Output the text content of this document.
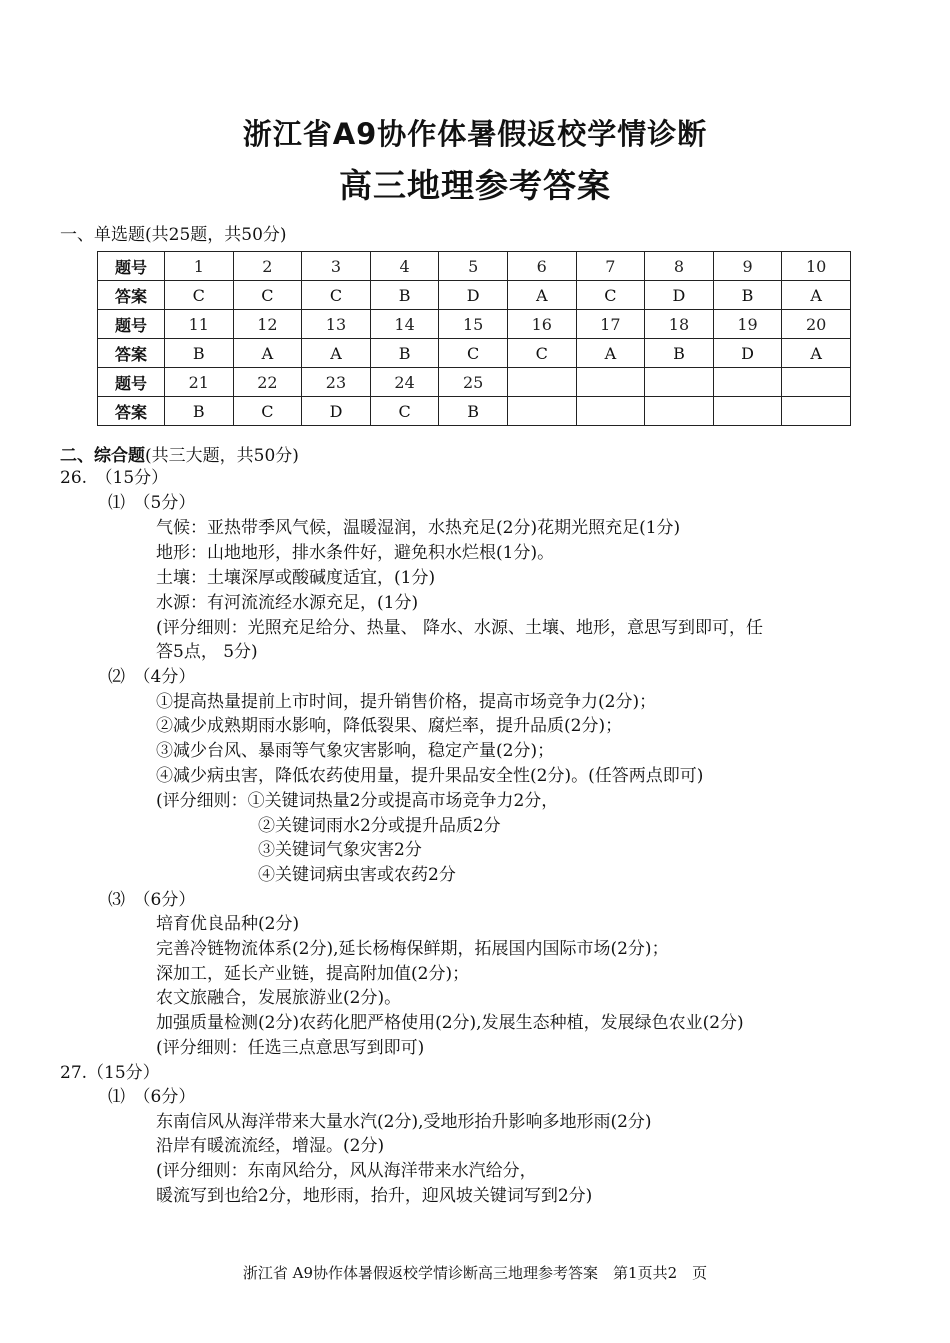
浙江省A9协作体暑假返校学情诊断
高三地理参考答案
一、单选题(共25题，共50分)
题号	1	2	3	4	5	6	7	8	9	10
答案	C	C	C	B	D	A	C	D	B	A
题号	11	12	13	14	15	16	17	18	19	20
答案	B	A	A	B	C	C	A	B	D	A
题号	21	22	23	24	25					
答案	B	C	D	C	B					
二、综合题(共三大题，共50分)
26.　（15分）
⑴　（5分）
气候：亚热带季风气候，温暖湿润，水热充足(2分)花期光照充足(1分)
地形：山地地形，排水条件好，避免积水烂根(1分)。
土壤：土壤深厚或酸碱度适宜，(1分)
水源：有河流流经水源充足，(1分)
(评分细则：光照充足给分、热量、 降水、水源、土壤、地形，意思写到即可，任
答5点， 5分)
⑵　（4分）
①提高热量提前上市时间，提升销售价格，提高市场竞争力(2分)；
②减少成熟期雨水影响，降低裂果、腐烂率，提升品质(2分)；
③减少台风、暴雨等气象灾害影响，稳定产量(2分)；
④减少病虫害，降低农药使用量，提升果品安全性(2分)。(任答两点即可)
(评分细则：①关键词热量2分或提高市场竞争力2分，
②关键词雨水2分或提升品质2分
③关键词气象灾害2分
④关键词病虫害或农药2分
⑶　（6分）
培育优良品种(2分)
完善冷链物流体系(2分),延长杨梅保鲜期，拓展国内国际市场(2分)；
深加工，延长产业链，提高附加值(2分)；
农文旅融合，发展旅游业(2分)。
加强质量检测(2分)农药化肥严格使用(2分),发展生态种植，发展绿色农业(2分)
(评分细则：任选三点意思写到即可)
27.（15分）
⑴　（6分）
东南信风从海洋带来大量水汽(2分),受地形抬升影响多地形雨(2分)
沿岸有暖流流经，增湿。(2分)
(评分细则：东南风给分，风从海洋带来水汽给分，
暖流写到也给2分，地形雨，抬升，迎风坡关键词写到2分)
浙江省 A9协作体暑假返校学情诊断高三地理参考答案　第1页共2　页
